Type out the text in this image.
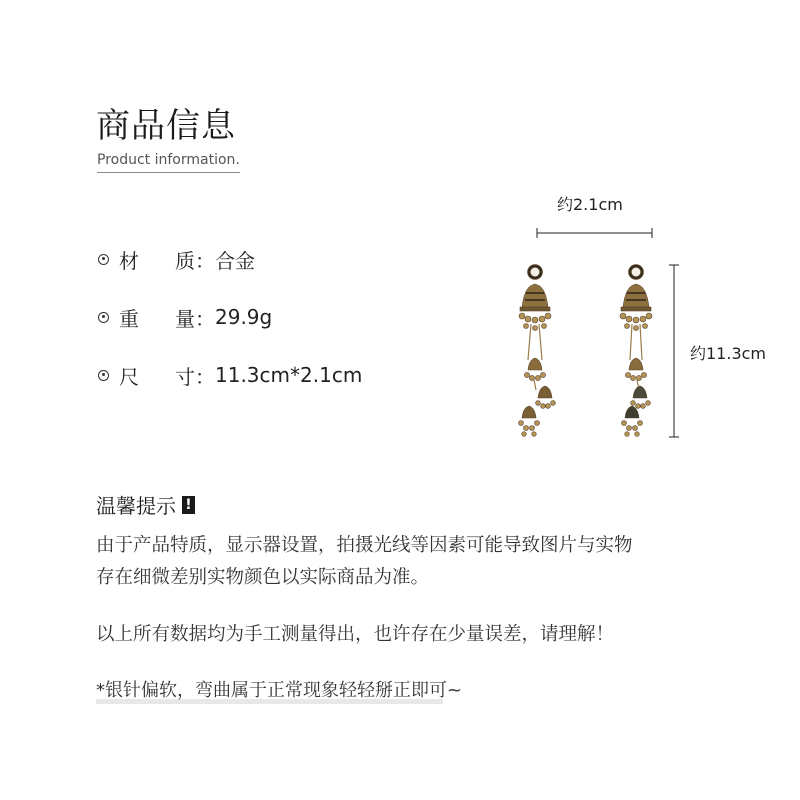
商品信息
Product information.
材 质 ：	合金
重 量 ：	29.9g
尺 寸 ：	11.3cm*2.1cm
约2.1cm
约11.3cm
温馨提示 !
由于产品特质，显示器设置，拍摄光线等因素可能导致图片与实物
存在细微差别实物颜色以实际商品为准。
以上所有数据均为手工测量得出，也许存在少量误差，请理解！
*银针偏软，弯曲属于正常现象轻轻掰正即可~
